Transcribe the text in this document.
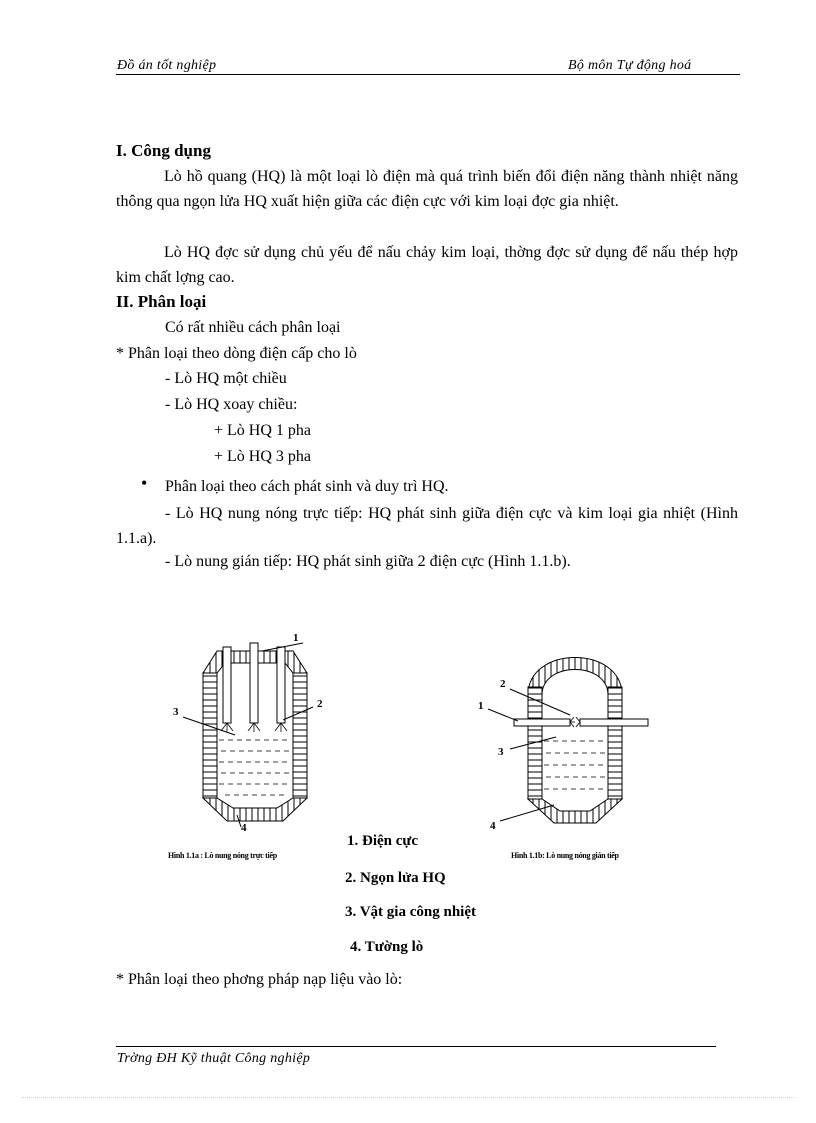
Đồ án tốt nghiệp	Bộ môn Tự động hoá
I. Công dụng
Lò hồ quang (HQ) là một loại lò điện mà quá trình biến đổi điện năng thành nhiệt năng thông qua ngọn lửa HQ xuất hiện giữa các điện cực với kim loại đợc gia nhiệt.
Lò HQ đợc sử dụng chủ yếu để nấu chảy kim loại, thờng đợc sử dụng để nấu thép hợp kim chất lợng cao.
II. Phân loại
Có rất nhiều cách phân loại
* Phân loại theo dòng điện cấp cho lò
- Lò HQ một chiều
- Lò HQ xoay chiều:
+ Lò HQ 1 pha
+ Lò HQ 3 pha
• Phân loại theo cách phát sinh và duy trì HQ.
- Lò HQ nung nóng trực tiếp: HQ phát sinh giữa điện cực và kim loại gia nhiệt (Hình 1.1.a).
- Lò nung gián tiếp: HQ phát sinh giữa 2 điện cực (Hình 1.1.b).
1
2
3
4
2
1
3
4
Hình 1.1a : Lò nung nóng trực tiếp	Hình 1.1b: Lò nung nóng gián tiếp
1. Điện cực
2. Ngọn lửa HQ
3. Vật gia công nhiệt
4. Tường lò
* Phân loại theo phơng pháp nạp liệu vào lò:
Trờng ĐH Kỹ thuật Công nghiệp
